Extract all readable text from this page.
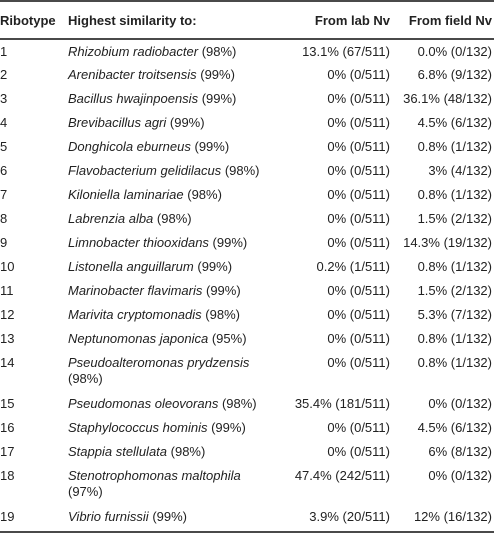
Ribotype	Highest similarity to:	From lab Nv	From field Nv
1	Rhizobium radiobacter (98%)	13.1% (67/511)	0.0% (0/132)
2	Arenibacter troitsensis (99%)	0% (0/511)	6.8% (9/132)
3	Bacillus hwajinpoensis (99%)	0% (0/511)	36.1% (48/132)
4	Brevibacillus agri (99%)	0% (0/511)	4.5% (6/132)
5	Donghicola eburneus (99%)	0% (0/511)	0.8% (1/132)
6	Flavobacterium gelidilacus (98%)	0% (0/511)	3% (4/132)
7	Kiloniella laminariae (98%)	0% (0/511)	0.8% (1/132)
8	Labrenzia alba (98%)	0% (0/511)	1.5% (2/132)
9	Limnobacter thiooxidans (99%)	0% (0/511)	14.3% (19/132)
10	Listonella anguillarum (99%)	0.2% (1/511)	0.8% (1/132)
11	Marinobacter flavimaris (99%)	0% (0/511)	1.5% (2/132)
12	Marivita cryptomonadis (98%)	0% (0/511)	5.3% (7/132)
13	Neptunomonas japonica (95%)	0% (0/511)	0.8% (1/132)
14	Pseudoalteromonas prydzensis (98%)	0% (0/511)	0.8% (1/132)
15	Pseudomonas oleovorans (98%)	35.4% (181/511)	0% (0/132)
16	Staphylococcus hominis (99%)	0% (0/511)	4.5% (6/132)
17	Stappia stellulata (98%)	0% (0/511)	6% (8/132)
18	Stenotrophomonas maltophila (97%)	47.4% (242/511)	0% (0/132)
19	Vibrio furnissii (99%)	3.9% (20/511)	12% (16/132)
